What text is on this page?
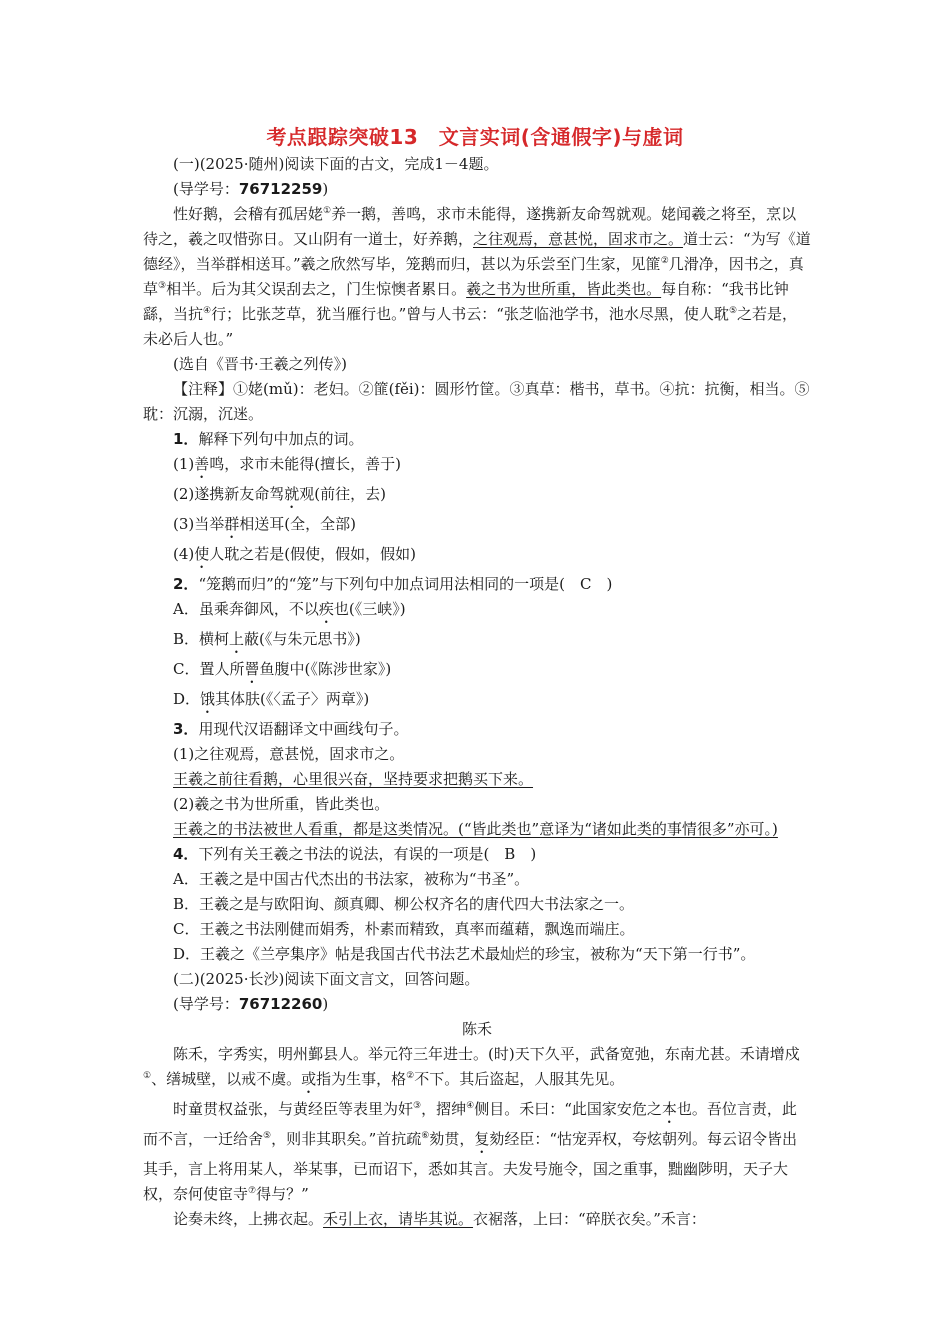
考点跟踪突破13　文言实词(含通假字)与虚词

(一)(2025·随州)阅读下面的古文，完成1－4题。

(导学号：76712259)

性好鹅，会稽有孤居姥①养一鹅，善鸣，求市未能得，遂携新友命驾就观。姥闻羲之将至，烹以待之，羲之叹惜弥日。又山阴有一道士，好养鹅，之往观焉，意甚悦，固求市之。道士云：“为写《道德经》，当举群相送耳。”羲之欣然写毕，笼鹅而归，甚以为乐尝至门生家，见篚②几滑净，因书之，真草③相半。后为其父误刮去之，门生惊懊者累日。羲之书为世所重，皆此类也。每自称：“我书比钟繇，当抗④行；比张芝草，犹当雁行也。”曾与人书云：“张芝临池学书，池水尽黑，使人耽⑤之若是，未必后人也。”

(选自《晋书·王羲之列传》)

【注释】①姥(mǔ)：老妇。②篚(fěi)：圆形竹筐。③真草：楷书，草书。④抗：抗衡，相当。⑤耽：沉溺，沉迷。

1．解释下列句中加点的词。

(1)善鸣，求市未能得(擅长，善于)

(2)遂携新友命驾就观(前往，去)

(3)当举群相送耳(全，全部)

(4)使人耽之若是(假使，假如，假如)

2．“笼鹅而归”的“笼”与下列句中加点词用法相同的一项是(　C　)

A．虽乘奔御风，不以疾也(《三峡》)

B．横柯上蔽(《与朱元思书》)

C．置人所罾鱼腹中(《陈涉世家》)

D．饿其体肤(《〈孟子〉两章》)

3．用现代汉语翻译文中画线句子。

(1)之往观焉，意甚悦，固求市之。

王羲之前往看鹅，心里很兴奋，坚持要求把鹅买下来。

(2)羲之书为世所重，皆此类也。

王羲之的书法被世人看重，都是这类情况。(“皆此类也”意译为“诸如此类的事情很多”亦可。)

4．下列有关王羲之书法的说法，有误的一项是(　B　)

A．王羲之是中国古代杰出的书法家，被称为“书圣”。

B．王羲之是与欧阳询、颜真卿、柳公权齐名的唐代四大书法家之一。

C．王羲之书法刚健而娟秀，朴素而精致，真率而蕴藉，飘逸而端庄。

D．王羲之《兰亭集序》帖是我国古代书法艺术最灿烂的珍宝，被称为“天下第一行书”。

(二)(2025·长沙)阅读下面文言文，回答问题。

(导学号：76712260)

陈禾

陈禾，字秀实，明州鄞县人。举元符三年进士。(时)天下久平，武备宽弛，东南尤甚。禾请增戍①、缮城壁，以戒不虞。或指为生事，格②不下。其后盗起，人服其先见。

时童贯权益张，与黄经臣等表里为奸③，摺绅④侧目。禾曰：“此国家安危之本也。吾位言责，此而不言，一迁给舍⑤，则非其职矣。”首抗疏⑥劾贯，复劾经臣：“怙宠弄权，夸炫朝列。每云诏令皆出其手，言上将用某人，举某事，已而诏下，悉如其言。夫发号施令，国之重事，黜幽陟明，天子大权，奈何使宦寺⑦得与？”

论奏未终，上拂衣起。禾引上衣，请毕其说。衣裾落，上曰：“碎朕衣矣。”禾言：
